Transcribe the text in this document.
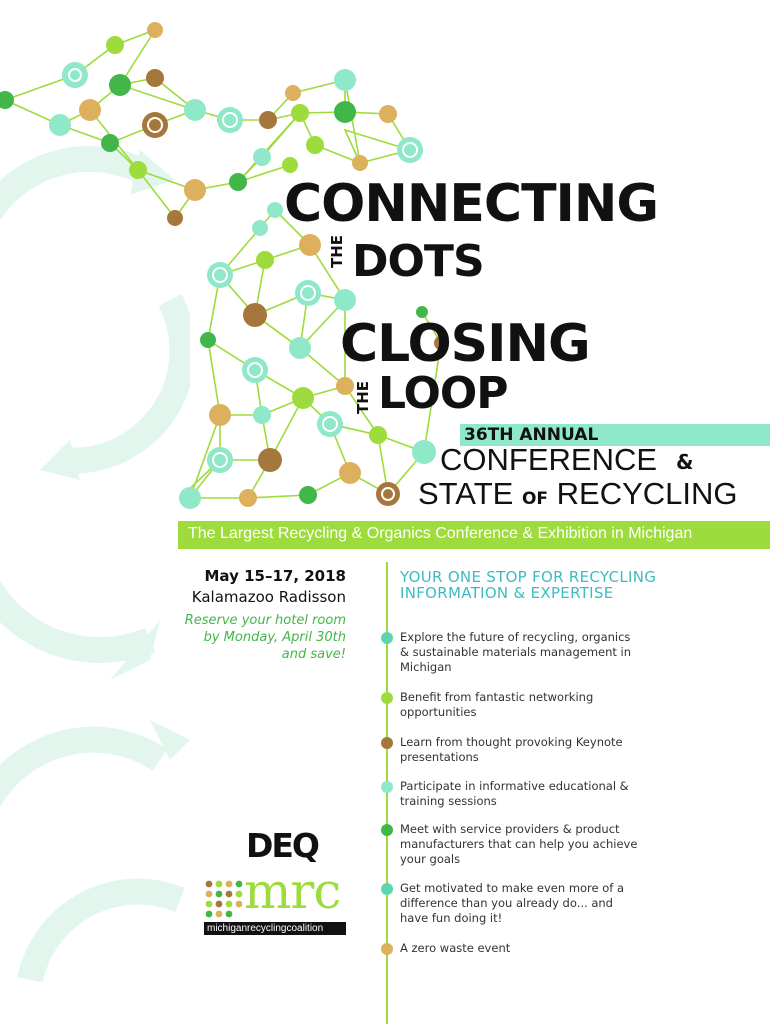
CONNECTING
THE DOTS
CLOSING
THE LOOP
36TH ANNUAL
CONFERENCE &
STATE OF RECYCLING
The Largest Recycling & Organics Conference & Exhibition in Michigan
May 15–17, 2018
Kalamazoo Radisson
Reserve your hotel room by Monday, April 30th and save!
YOUR ONE STOP FOR RECYCLING INFORMATION & EXPERTISE
Explore the future of recycling, organics & sustainable materials management in Michigan
Benefit from fantastic networking opportunities
Learn from thought provoking Keynote presentations
Participate in informative educational & training sessions
Meet with service providers & product manufacturers that can help you achieve your goals
Get motivated to make even more of a difference than you already do... and have fun doing it!
A zero waste event
DEQ
mrc
michiganrecyclingcoalition
